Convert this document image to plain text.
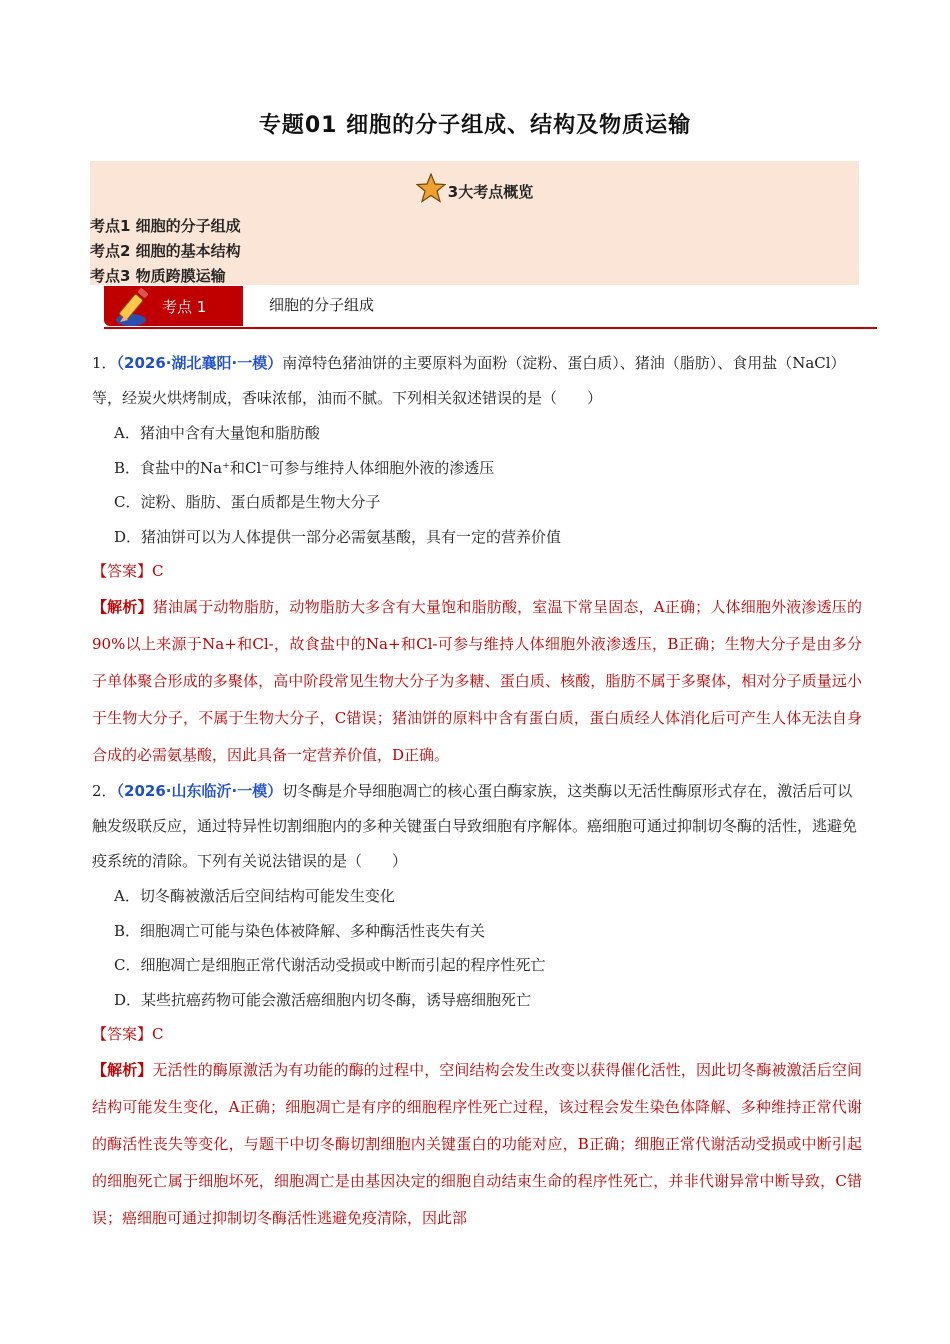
专题01 细胞的分子组成、结构及物质运输
3大考点概览
考点1 细胞的分子组成
考点2 细胞的基本结构
考点3 物质跨膜运输
考点 1	细胞的分子组成

1．（2026·湖北襄阳·一模）南漳特色猪油饼的主要原料为面粉（淀粉、蛋白质）、猪油（脂肪）、食用盐（NaCl）等，经炭火烘烤制成，香味浓郁，油而不腻。下列相关叙述错误的是（　　）

A．猪油中含有大量饱和脂肪酸

B．食盐中的Na⁺和Cl⁻可参与维持人体细胞外液的渗透压

C．淀粉、脂肪、蛋白质都是生物大分子

D．猪油饼可以为人体提供一部分必需氨基酸，具有一定的营养价值

【答案】C

【解析】猪油属于动物脂肪，动物脂肪大多含有大量饱和脂肪酸，室温下常呈固态，A正确；人体细胞外液渗透压的90%以上来源于Na+和Cl-，故食盐中的Na+和Cl-可参与维持人体细胞外液渗透压，B正确；生物大分子是由多分子单体聚合形成的多聚体，高中阶段常见生物大分子为多糖、蛋白质、核酸，脂肪不属于多聚体，相对分子质量远小于生物大分子，不属于生物大分子，C错误；猪油饼的原料中含有蛋白质，蛋白质经人体消化后可产生人体无法自身合成的必需氨基酸，因此具备一定营养价值，D正确。

2．（2026·山东临沂·一模）切冬酶是介导细胞凋亡的核心蛋白酶家族，这类酶以无活性酶原形式存在，激活后可以触发级联反应，通过特异性切割细胞内的多种关键蛋白导致细胞有序解体。癌细胞可通过抑制切冬酶的活性，逃避免疫系统的清除。下列有关说法错误的是（　　）

A．切冬酶被激活后空间结构可能发生变化

B．细胞凋亡可能与染色体被降解、多种酶活性丧失有关

C．细胞凋亡是细胞正常代谢活动受损或中断而引起的程序性死亡

D．某些抗癌药物可能会激活癌细胞内切冬酶，诱导癌细胞死亡

【答案】C

【解析】无活性的酶原激活为有功能的酶的过程中，空间结构会发生改变以获得催化活性，因此切冬酶被激活后空间结构可能发生变化，A正确；细胞凋亡是有序的细胞程序性死亡过程，该过程会发生染色体降解、多种维持正常代谢的酶活性丧失等变化，与题干中切冬酶切割细胞内关键蛋白的功能对应，B正确；细胞正常代谢活动受损或中断引起的细胞死亡属于细胞坏死，细胞凋亡是由基因决定的细胞自动结束生命的程序性死亡，并非代谢异常中断导致，C错误；癌细胞可通过抑制切冬酶活性逃避免疫清除，因此部
